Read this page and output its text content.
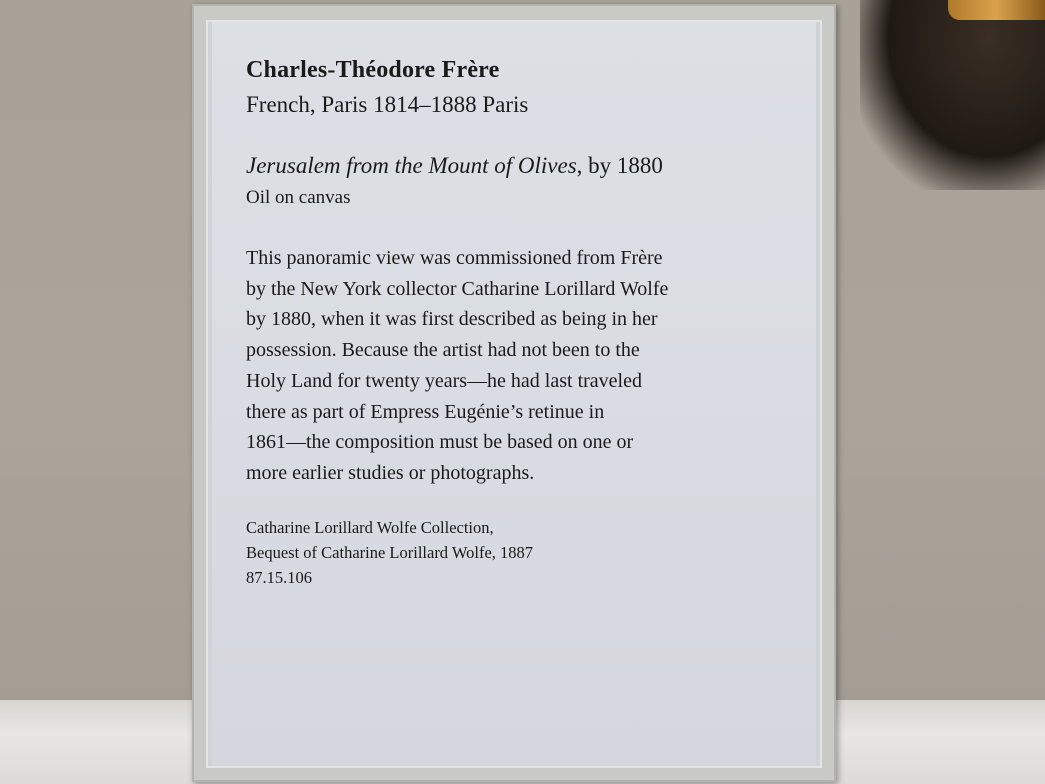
Charles-Théodore Frère
French, Paris 1814–1888 Paris
Jerusalem from the Mount of Olives, by 1880
Oil on canvas
This panoramic view was commissioned from Frère
by the New York collector Catharine Lorillard Wolfe
by 1880, when it was first described as being in her
possession. Because the artist had not been to the
Holy Land for twenty years—he had last traveled
there as part of Empress Eugénie’s retinue in
1861—the composition must be based on one or
more earlier studies or photographs.
Catharine Lorillard Wolfe Collection,
Bequest of Catharine Lorillard Wolfe, 1887
87.15.106
